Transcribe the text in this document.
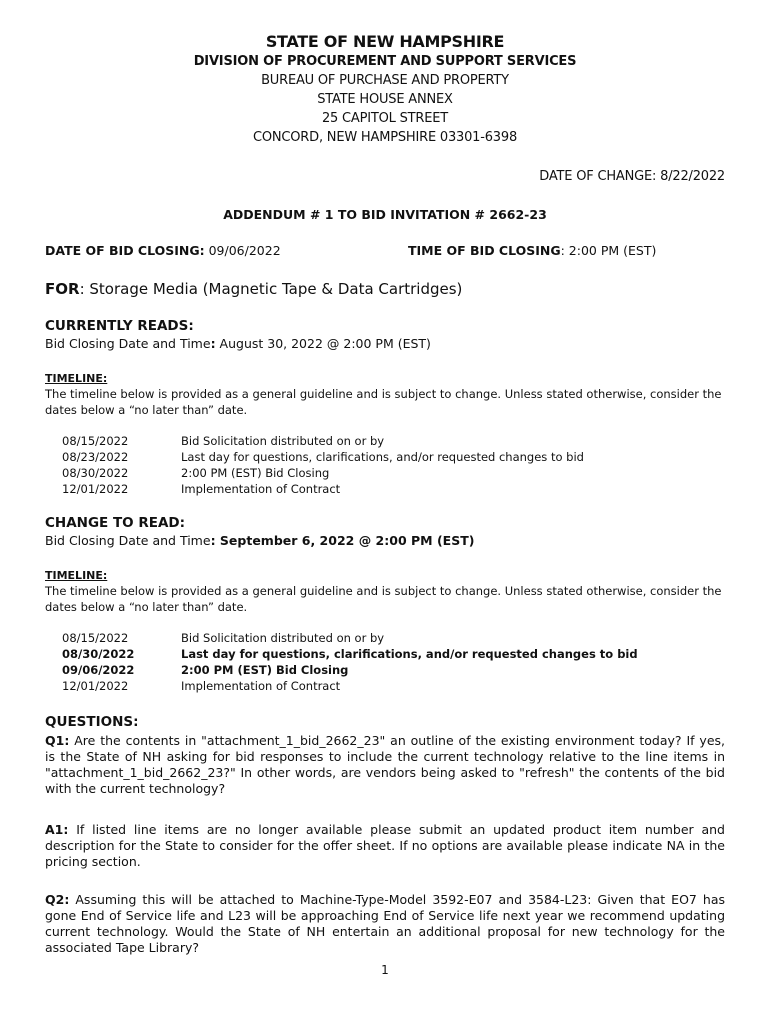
STATE OF NEW HAMPSHIRE
DIVISION OF PROCUREMENT AND SUPPORT SERVICES
BUREAU OF PURCHASE AND PROPERTY
STATE HOUSE ANNEX
25 CAPITOL STREET
CONCORD, NEW HAMPSHIRE 03301-6398
DATE OF CHANGE: 8/22/2022
ADDENDUM # 1 TO BID INVITATION # 2662-23
DATE OF BID CLOSING: 09/06/2022	TIME OF BID CLOSING: 2:00 PM (EST)
FOR: Storage Media (Magnetic Tape & Data Cartridges)
CURRENTLY READS:
Bid Closing Date and Time: August 30, 2022 @ 2:00 PM (EST)
TIMELINE:
The timeline below is provided as a general guideline and is subject to change. Unless stated otherwise, consider the dates below a “no later than” date.
08/15/2022	Bid Solicitation distributed on or by
08/23/2022	Last day for questions, clarifications, and/or requested changes to bid
08/30/2022	2:00 PM (EST) Bid Closing
12/01/2022	Implementation of Contract
CHANGE TO READ:
Bid Closing Date and Time: September 6, 2022 @ 2:00 PM (EST)
TIMELINE:
The timeline below is provided as a general guideline and is subject to change. Unless stated otherwise, consider the dates below a “no later than” date.
08/15/2022	Bid Solicitation distributed on or by
08/30/2022	Last day for questions, clarifications, and/or requested changes to bid
09/06/2022	2:00 PM (EST) Bid Closing
12/01/2022	Implementation of Contract
QUESTIONS:
Q1: Are the contents in "attachment_1_bid_2662_23" an outline of the existing environment today? If yes, is the State of NH asking for bid responses to include the current technology relative to the line items in "attachment_1_bid_2662_23?" In other words, are vendors being asked to "refresh" the contents of the bid with the current technology?
A1: If listed line items are no longer available please submit an updated product item number and description for the State to consider for the offer sheet. If no options are available please indicate NA in the pricing section.
Q2: Assuming this will be attached to Machine-Type-Model 3592-E07 and 3584-L23: Given that EO7 has gone End of Service life and L23 will be approaching End of Service life next year we recommend updating current technology. Would the State of NH entertain an additional proposal for new technology for the associated Tape Library?
1
